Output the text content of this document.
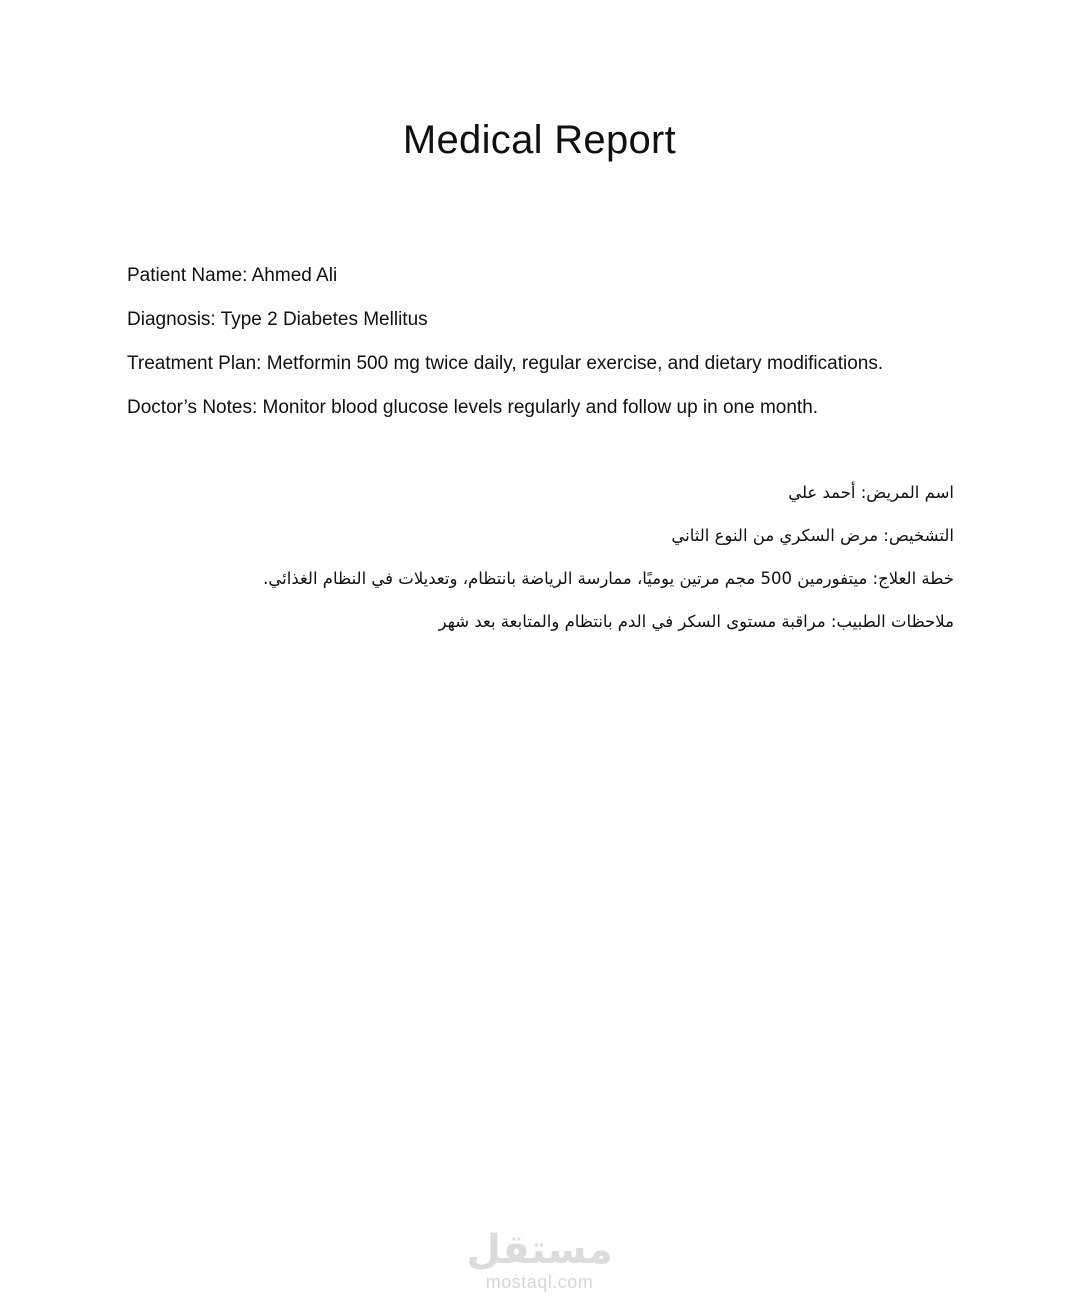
Medical Report
Patient Name: Ahmed Ali
Diagnosis: Type 2 Diabetes Mellitus
Treatment Plan: Metformin 500 mg twice daily, regular exercise, and dietary modifications.
Doctor’s Notes: Monitor blood glucose levels regularly and follow up in one month.
اسم المريض: أحمد علي
التشخيص: مرض السكري من النوع الثاني
خطة العلاج: ميتفورمين 500 مجم مرتين يوميًا، ممارسة الرياضة بانتظام، وتعديلات في النظام الغذائي.
ملاحظات الطبيب: مراقبة مستوى السكر في الدم بانتظام والمتابعة بعد شهر
مستقل
mostaql.com
